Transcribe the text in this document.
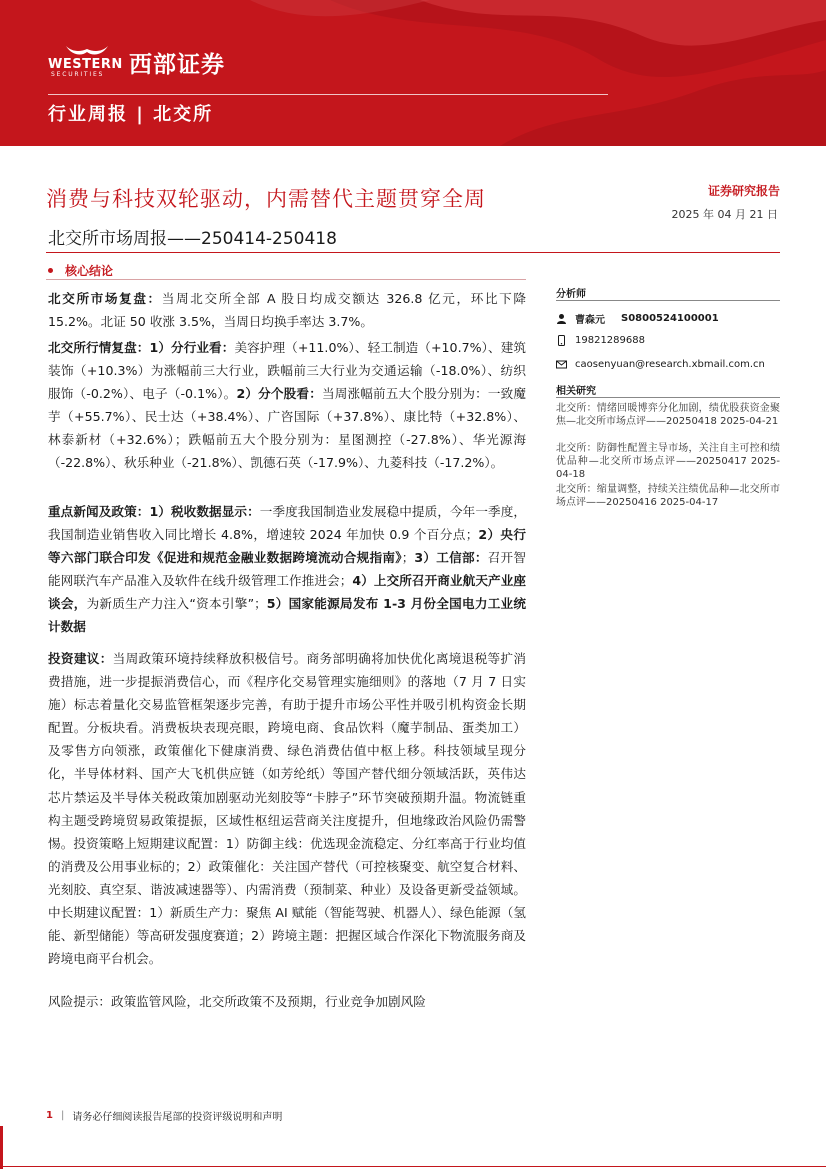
WESTERN
SECURITIES 西部证券
行业周报 | 北交所
消费与科技双轮驱动，内需替代主题贯穿全周
北交所市场周报——250414-250418
证券研究报告
2025 年 04 月 21 日
核心结论
北交所市场复盘：当周北交所全部 A 股日均成交额达 326.8 亿元，环比下降 15.2%。北证 50 收涨 3.5%，当周日均换手率达 3.7%。
北交所行情复盘：1）分行业看：美容护理（+11.0%）、轻工制造（+10.7%）、建筑装饰（+10.3%）为涨幅前三大行业，跌幅前三大行业为交通运输（-18.0%）、纺织服饰（-0.2%）、电子（-0.1%）。2）分个股看：当周涨幅前五大个股分别为：一致魔芋（+55.7%）、民士达（+38.4%）、广咨国际（+37.8%）、康比特（+32.8%）、林泰新材（+32.6%）；跌幅前五大个股分别为：星图测控（-27.8%）、华光源海（-22.8%）、秋乐种业（-21.8%）、凯德石英（-17.9%）、九菱科技（-17.2%）。
重点新闻及政策：1）税收数据显示：一季度我国制造业发展稳中提质，今年一季度，我国制造业销售收入同比增长 4.8%，增速较 2024 年加快 0.9 个百分点；2）央行等六部门联合印发《促进和规范金融业数据跨境流动合规指南》；3）工信部：召开智能网联汽车产品准入及软件在线升级管理工作推进会；4）上交所召开商业航天产业座谈会，为新质生产力注入“资本引擎”；5）国家能源局发布 1-3 月份全国电力工业统计数据
投资建议：当周政策环境持续释放积极信号。商务部明确将加快优化离境退税等扩消费措施，进一步提振消费信心，而《程序化交易管理实施细则》的落地（7 月 7 日实施）标志着量化交易监管框架逐步完善，有助于提升市场公平性并吸引机构资金长期配置。分板块看。消费板块表现亮眼，跨境电商、食品饮料（魔芋制品、蛋类加工）及零售方向领涨，政策催化下健康消费、绿色消费估值中枢上移。科技领域呈现分化，半导体材料、国产大飞机供应链（如芳纶纸）等国产替代细分领域活跃，英伟达芯片禁运及半导体关税政策加剧驱动光刻胶等“卡脖子”环节突破预期升温。物流链重构主题受跨境贸易政策提振，区域性枢纽运营商关注度提升，但地缘政治风险仍需警惕。投资策略上短期建议配置：1）防御主线：优选现金流稳定、分红率高于行业均值的消费及公用事业标的；2）政策催化：关注国产替代（可控核聚变、航空复合材料、光刻胶、真空泵、谐波减速器等）、内需消费（预制菜、种业）及设备更新受益领域。中长期建议配置：1）新质生产力：聚焦 AI 赋能（智能驾驶、机器人）、绿色能源（氢能、新型储能）等高研发强度赛道；2）跨境主题：把握区域合作深化下物流服务商及跨境电商平台机会。
风险提示：政策监管风险，北交所政策不及预期，行业竞争加剧风险
分析师
曹森元 S0800524100001
19821289688
caosenyuan@research.xbmail.com.cn
相关研究
北交所：情绪回暖博弈分化加剧，绩优股获资金聚焦—北交所市场点评——20250418 2025-04-21
北交所：防御性配置主导市场，关注自主可控和绩优品种—北交所市场点评——20250417 2025-04-18
北交所：缩量调整，持续关注绩优品种—北交所市场点评——20250416 2025-04-17
1 | 请务必仔细阅读报告尾部的投资评级说明和声明
